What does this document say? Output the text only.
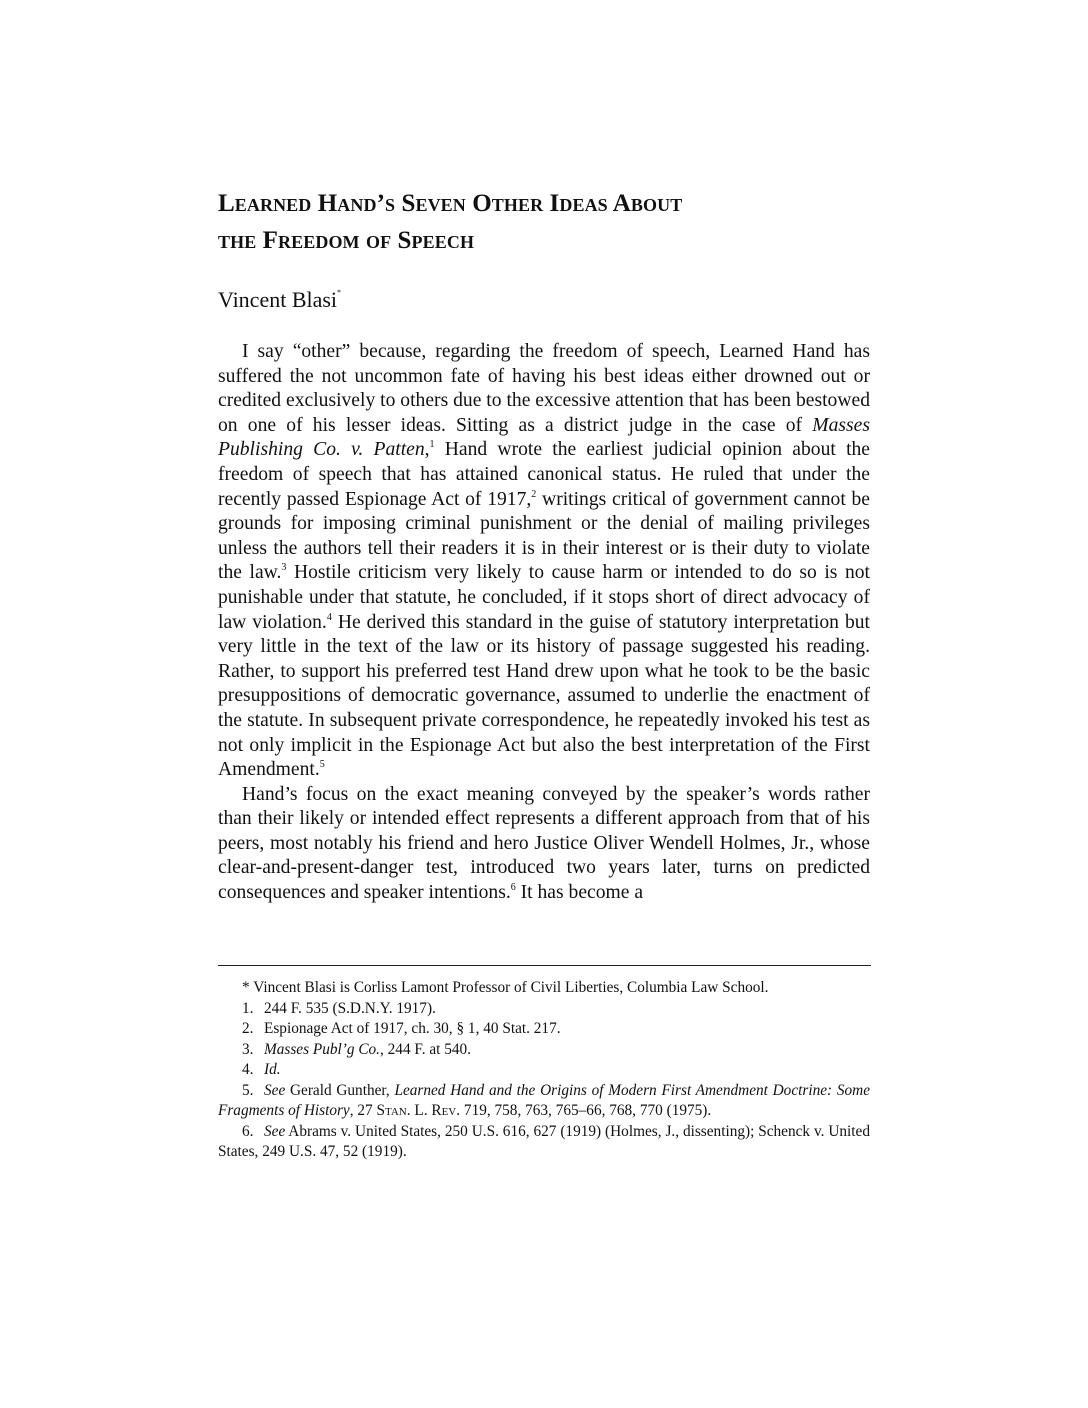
Learned Hand’s Seven Other Ideas About
the Freedom of Speech
Vincent Blasi*

I say “other” because, regarding the freedom of speech, Learned Hand has suffered the not uncommon fate of having his best ideas either drowned out or credited exclusively to others due to the excessive attention that has been bestowed on one of his lesser ideas. Sitting as a district judge in the case of Masses Publishing Co. v. Patten,$^1$ Hand wrote the earliest judicial opinion about the freedom of speech that has attained canonical status. He ruled that under the recently passed Espionage Act of 1917,$^2$ writings critical of government cannot be grounds for imposing criminal punishment or the denial of mailing privileges unless the authors tell their readers it is in their interest or is their duty to violate the law.$^3$ Hostile criticism very likely to cause harm or intended to do so is not punishable under that statute, he concluded, if it stops short of direct advocacy of law violation.$^4$ He derived this standard in the guise of statutory interpretation but very little in the text of the law or its history of passage suggested his reading. Rather, to support his preferred test Hand drew upon what he took to be the basic presuppositions of democratic governance, assumed to underlie the enactment of the statute. In subsequent private correspondence, he repeatedly invoked his test as not only implicit in the Espionage Act but also the best interpretation of the First Amendment.$^5$

Hand’s focus on the exact meaning conveyed by the speaker’s words rather than their likely or intended effect represents a different approach from that of his peers, most notably his friend and hero Justice Oliver Wendell Holmes, Jr., whose clear-and-present-danger test, introduced two years later, turns on predicted consequences and speaker intentions.$^6$ It has become a

* Vincent Blasi is Corliss Lamont Professor of Civil Liberties, Columbia Law School.

1. 244 F. 535 (S.D.N.Y. 1917).

2. Espionage Act of 1917, ch. 30, § 1, 40 Stat. 217.

3. Masses Publ’g Co., 244 F. at 540.

4. Id.

5. See Gerald Gunther, Learned Hand and the Origins of Modern First Amendment Doctrine: Some Fragments of History, 27 Stan. L. Rev. 719, 758, 763, 765–66, 768, 770 (1975).

6. See Abrams v. United States, 250 U.S. 616, 627 (1919) (Holmes, J., dissenting); Schenck v. United States, 249 U.S. 47, 52 (1919).
